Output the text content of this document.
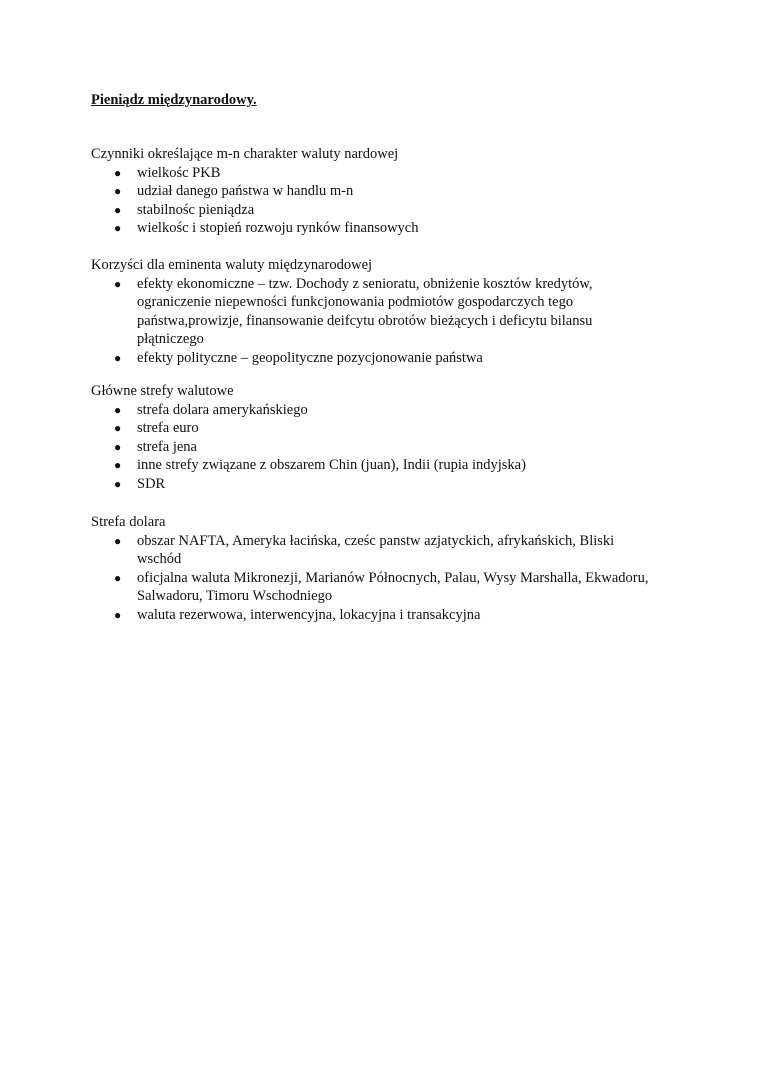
Pieniądz międzynarodowy.

Czynniki określające m-n charakter waluty nardowej

● wielkośc PKB
● udział danego państwa w handlu m-n
● stabilnośc pieniądza
● wielkośc i stopień rozwoju rynków finansowych

Korzyści dla eminenta waluty międzynarodowej

● efekty ekonomiczne – tzw. Dochody z senioratu, obniżenie kosztów kredytów, ograniczenie niepewności funkcjonowania podmiotów gospodarczych tego państwa,prowizje, finansowanie deifcytu obrotów bieżących i deficytu bilansu płątniczego
● efekty polityczne – geopolityczne pozycjonowanie państwa

Główne strefy walutowe

● strefa dolara amerykańskiego
● strefa euro
● strefa jena
● inne strefy związane z obszarem Chin (juan), Indii (rupia indyjska)
● SDR

Strefa dolara

● obszar NAFTA, Ameryka łacińska, cześc panstw azjatyckich, afrykańskich, Bliski wschód
● oficjalna waluta Mikronezji, Marianów Północnych, Palau, Wysy Marshalla, Ekwadoru, Salwadoru, Timoru Wschodniego
● waluta rezerwowa, interwencyjna, lokacyjna i transakcyjna
